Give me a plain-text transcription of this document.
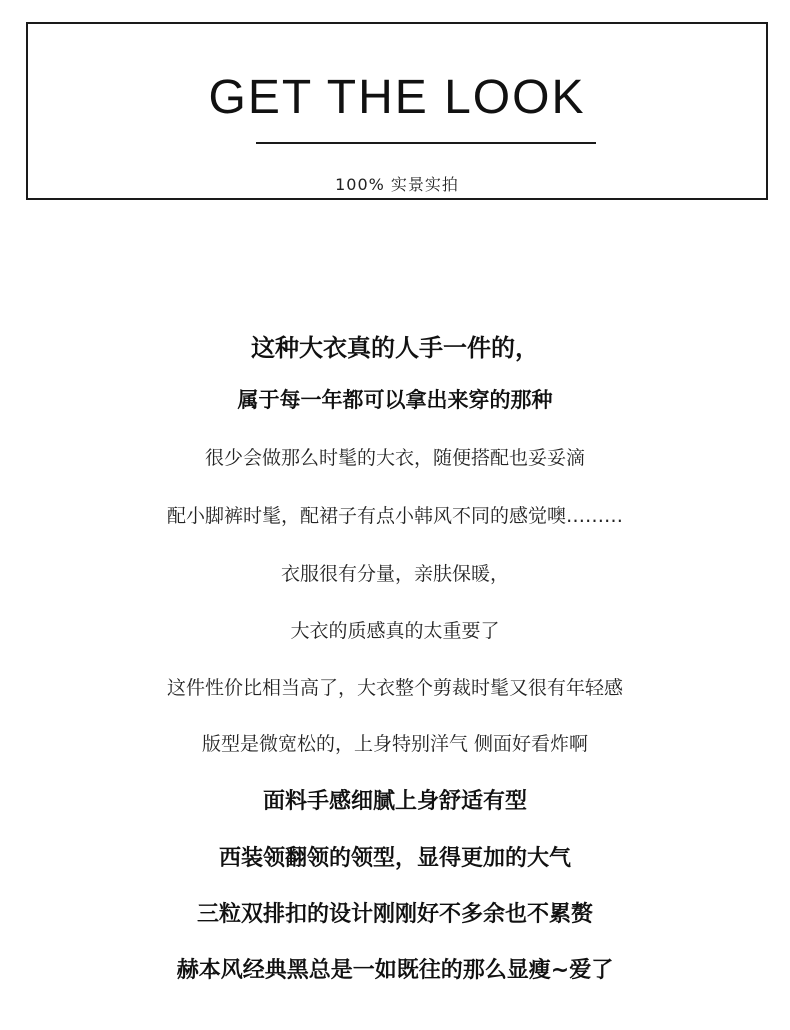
GET THE LOOK
100% 实景实拍
这种大衣真的人手一件的，
属于每一年都可以拿出来穿的那种
很少会做那么时髦的大衣，随便搭配也妥妥滴
配小脚裤时髦，配裙子有点小韩风不同的感觉噢………
衣服很有分量，亲肤保暖，
大衣的质感真的太重要了
这件性价比相当高了，大衣整个剪裁时髦又很有年轻感
版型是微宽松的，上身特别洋气 侧面好看炸啊
面料手感细腻上身舒适有型
西装领翻领的领型，显得更加的大气
三粒双排扣的设计刚刚好不多余也不累赘
赫本风经典黑总是一如既往的那么显瘦~爱了
